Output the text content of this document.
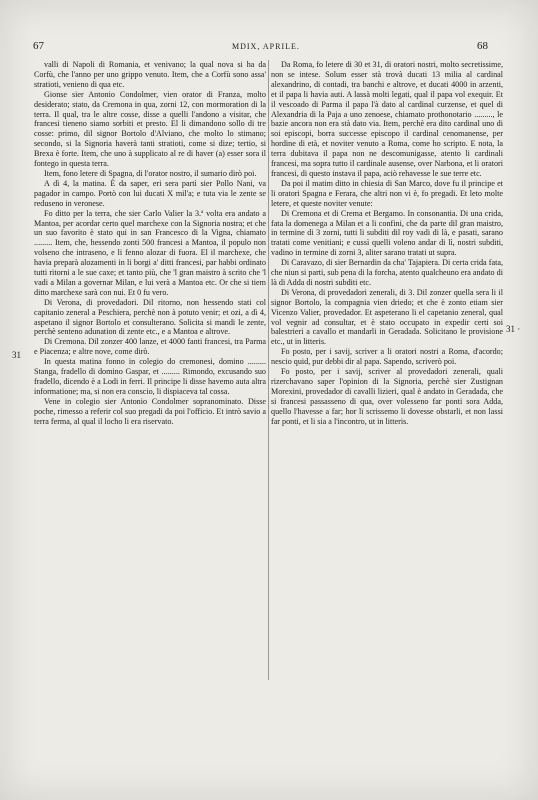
67	MDIX, APRILE.	68
31
31 ·

valli di Napoli di Romania, et venivano; la qual nova si ha da Corfù, che l'anno per uno grippo venuto. Item, che a Corfù sono assa' stratioti, venieno di qua etc.

Gionse sier Antonio Condolmer, vien orator di Franza, molto desiderato; stato, da Cremona in qua, zorni 12, con mormoration di la terra. Il qual, tra le altre cosse, disse a quelli l'andono a visitar, che francesi tieneno siamo sorbiti et presto. El li dimandono sollo di tre cosse: primo, dil signor Bortolo d'Alviano, che molto lo stimano; secondo, si la Signoria haverà tanti stratioti, come si dize; tertio, si Brexa è forte. Item, che uno à supplicato al re di haver (a) esser sora il fontego in questa terra.

Item, fono letere di Spagna, di l'orator nostro, il sumario dirò poi.

A dì 4, la matina. È da saper, eri sera partì sier Pollo Nani, va pagador in campo. Portò con lui ducati X mil'a; e tuta via le zente se reduseno in veronese.

Fo ditto per la terra, che sier Carlo Valier la 3.ª volta era andato a Mantoa, per acordar certo quel marchexe con la Signoria nostra; et che un suo favorito è stato qui in san Francesco di la Vigna, chiamato ......... Item, che, hessendo zonti 500 francesi a Mantoa, il populo non volseno che intraseno, e li fenno alozar di fuora. El il marchexe, che havia preparà alozamenti in li borgi a' ditti francesi, par habbi ordinato tutti ritorni a le sue caxe; et tanto più, che 'l gran maistro à scrito che 'l vadi a Milan a governar Milan, e lui verà a Mantoa etc. Or che si tiem ditto marchexe sarà con nui. Et 0 fu vero.

Di Verona, di provedadori. Dil ritorno, non hessendo stati col capitanio zeneral a Peschiera, perchè non à potuto venir; et ozi, a dì 4, aspetano il signor Bortolo et consulterano. Solicita si mandi le zente, perchè senteno adunation di zente etc., e a Mantoa e altrove.

Di Cremona. Dil zonzer 400 lanze, et 4000 fanti francesi, tra Parma e Piacenza; e altre nove, come dirò.

In questa matina fonno in colegio do cremonesi, domino ......... Stanga, fradello di domino Gaspar, et ......... Rimondo, excusando suo fradello, dicendo è a Lodi in ferri. Il principe li disse havemo auta altra informatione; ma, si non era conscio, li dispiaceva tal cossa.

Vene in colegio sier Antonio Condolmer sopranominato. Disse poche, rimesso a referir col suo pregadi da poi l'officio. Et intrò savio a terra ferma, al qual il locho li era riservato.

Da Roma, fo letere di 30 et 31, di oratori nostri, molto secretissime, non se intese. Solum esser stà trovà ducati 13 milia al cardinal alexandrino, di contadi, tra banchi e altrove, et ducati 4000 in arzenti, et il papa li havia auti. A lassà molti legati, qual il papa vol exequir. Et il vescoado di Parma il papa l'à dato al cardinal curzense, et quel di Alexandria di la Paja a uno zenoese, chiamato prothonotario ........., le bazie ancora non era stà dato via. Item, perchè era dito cardinal uno di soi episcopi, borra successe episcopo il cardinal cenomanense, per hordine di età, et noviter venuto a Roma, come ho scripto. E nota, la terra dubitava il papa non ne descomunigasse, atento li cardinali francesi, ma sopra tutto il cardinale ausense, over Narbona, et li oratori francesi, di questo instava il papa, aciò rehavesse le sue terre etc.

Da poi il matim ditto in chiesia di San Marco, dove fu il principe et li oratori Spagna e Ferara, che altri non vi è, fo pregadi. Et leto molte letere, et queste noviter venute:

Di Cremona et di Crema et Bergamo. In consonantia. Di una crida, fata la domenega a Milan et a li confini, che da parte dil gran maistro, in termine di 3 zorni, tutti li subditi dil roy vadi di là, e pasati, sarano tratati come venitiani; e cussì quelli voleno andar di lì, nostri subditi, vadino in termine di zorni 3, aliter sarano tratati ut supra.

Di Caravazo, di sier Bernardin da cha' Tajapiera. Di certa crida fata, che niun si parti, sub pena di la forcha, atento qualcheuno era andato di là di Adda di nostri subditi etc.

Di Verona, di provedadori zenerali, di 3. Dil zonzer quella sera li il signor Bortolo, la compagnia vien driedo; et che è zonto etiam sier Vicenzo Valier, provedador. Et aspeterano li el capetanio zeneral, qual vol vegnir ad consultar, et è stato occupato in expedir certi soi balestrieri a cavallo et mandarli in Geradada. Solicitano le provisione etc., ut in litteris.

Fo posto, per i savij, scriver a li oratori nostri a Roma, d'acordo; nescio quid, pur debbi dir al papa. Sapendo, scriverò poi.

Fo posto, per i savij, scriver al provedadori zenerali, quali rizerchavano saper l'opinion di la Signoria, perchè sier Zustignan Morexini, provedador di cavalli lizieri, qual è andato in Geradada, che si francesi passasseno di qua, over volesseno far ponti sora Adda, quello l'havesse a far; hor li scrissemo li dovesse obstarli, et non lassi far ponti, et li sia a l'incontro, ut in litteris.
